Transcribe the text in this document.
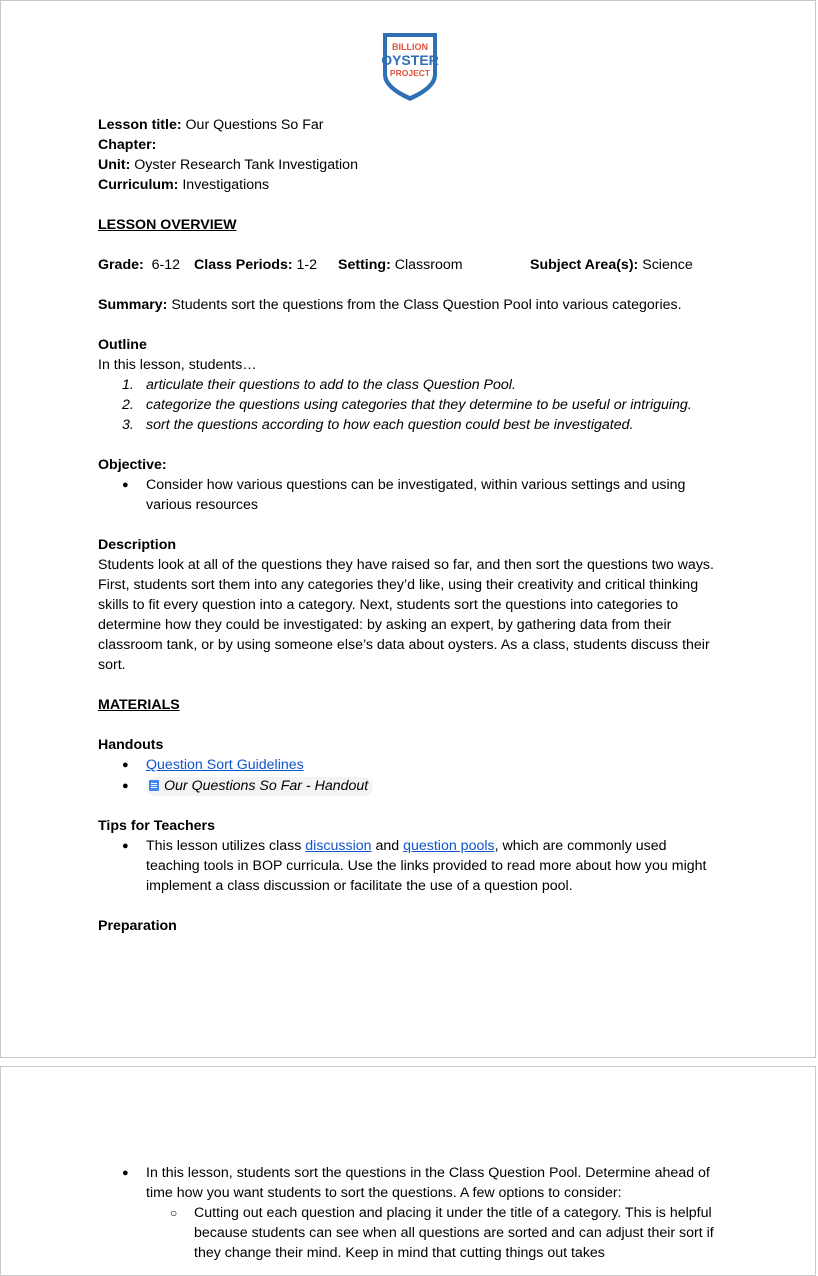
BILLION
OYSTER
PROJECT
Lesson title: Our Questions So Far
Chapter:
Unit: Oyster Research Tank Investigation
Curriculum: Investigations
LESSON OVERVIEW
Grade: 6-12 Class Periods: 1-2 Setting: Classroom	Subject Area(s): Science
Summary: Students sort the questions from the Class Question Pool into various categories.
Outline
In this lesson, students…
1. articulate their questions to add to the class Question Pool.
2. categorize the questions using categories that they determine to be useful or intriguing.
3. sort the questions according to how each question could best be investigated.
Objective:
● Consider how various questions can be investigated, within various settings and using various resources
Description
Students look at all of the questions they have raised so far, and then sort the questions two ways. First, students sort them into any categories they’d like, using their creativity and critical thinking skills to fit every question into a category. Next, students sort the questions into categories to determine how they could be investigated: by asking an expert, by gathering data from their classroom tank, or by using someone else’s data about oysters. As a class, students discuss their sort.
MATERIALS
Handouts
● Question Sort Guidelines
● Our Questions So Far - Handout
Tips for Teachers
● This lesson utilizes class discussion and question pools, which are commonly used teaching tools in BOP curricula. Use the links provided to read more about how you might implement a class discussion or facilitate the use of a question pool.
Preparation
● In this lesson, students sort the questions in the Class Question Pool. Determine ahead of time how you want students to sort the questions. A few options to consider:
○ Cutting out each question and placing it under the title of a category. This is helpful because students can see when all questions are sorted and can adjust their sort if they change their mind. Keep in mind that cutting things out takes
